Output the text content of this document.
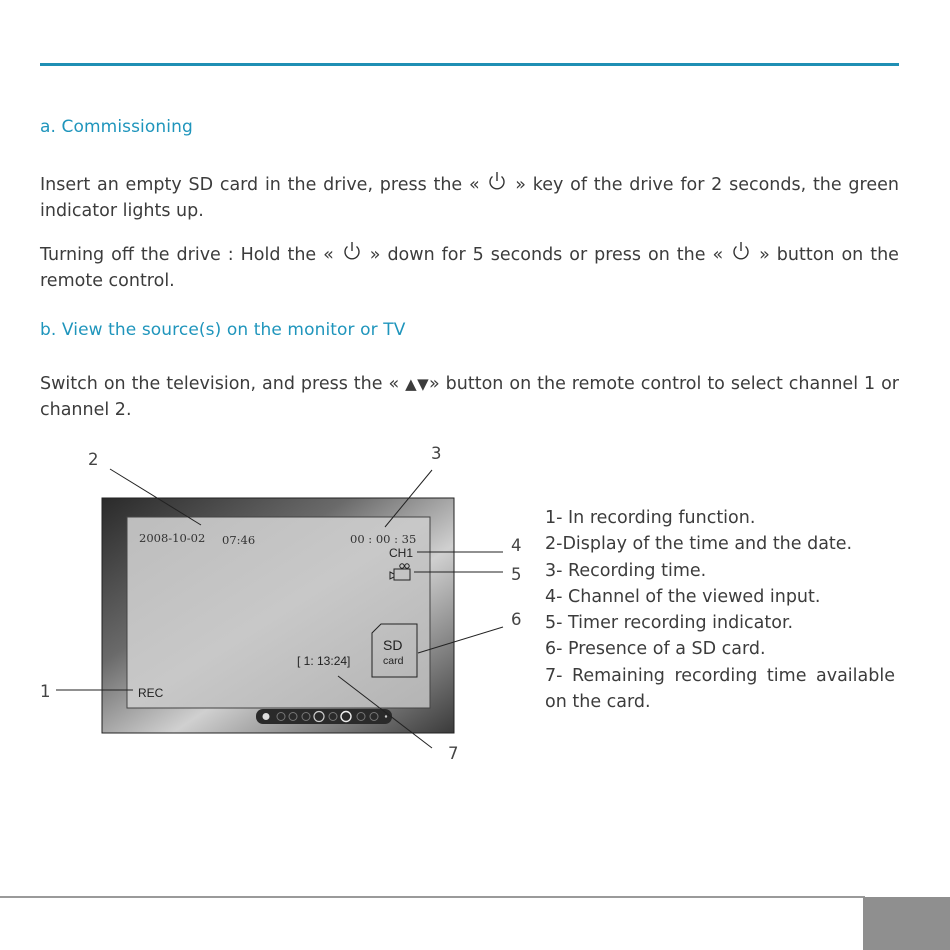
a. Commissioning
Insert an empty SD card in the drive, press the « » key of the drive for 2 seconds, the green indicator lights up.
Turning off the drive : Hold the « » down for 5 seconds or press on the « » button on the remote control.
b. View the source(s) on the monitor or TV
Switch on the television, and press the « ▲▼» button on the remote control to select channel 1 or channel 2.
2008-10-02 07:46	00 : 00 : 35
CH1
SD
card
[ 1: 13:24]
REC
2	3
4
5
6
7
1
1- In recording function.
2-Display of the time and the date.
3- Recording time.
4- Channel of the viewed input.
5- Timer recording indicator.
6- Presence of a SD card.
7- Remaining recording time available on the card.
